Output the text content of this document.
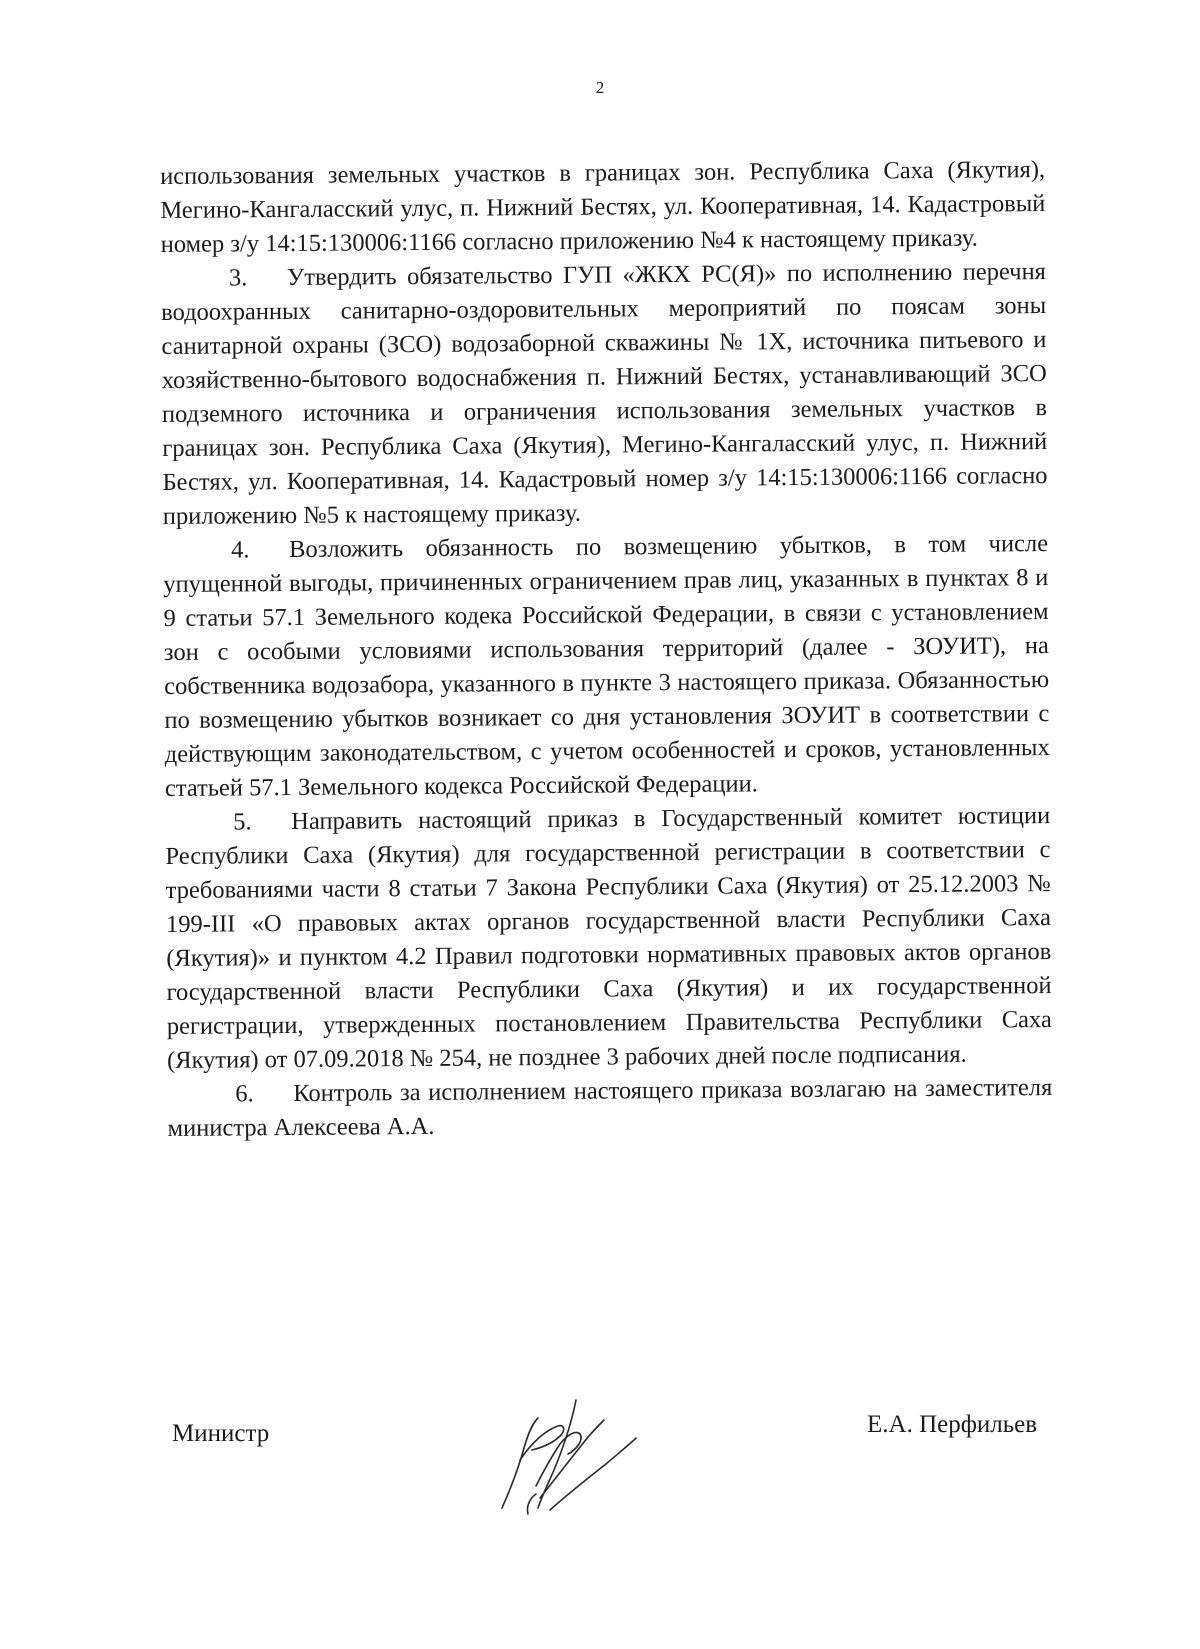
2

использования земельных участков в границах зон. Республика Саха (Якутия), Мегино-Кангаласский улус, п. Нижний Бестях, ул. Кооперативная, 14. Кадастровый номер з/у 14:15:130006:1166 согласно приложению №4 к настоящему приказу.

3. Утвердить обязательство ГУП «ЖКХ РС(Я)» по исполнению перечня водоохранных санитарно-оздоровительных мероприятий по поясам зоны санитарной охраны (ЗСО) водозаборной скважины № 1Х, источника питьевого и хозяйственно-бытового водоснабжения п. Нижний Бестях, устанавливающий ЗСО подземного источника и ограничения использования земельных участков в границах зон. Республика Саха (Якутия), Мегино-Кангаласский улус, п. Нижний Бестях, ул. Кооперативная, 14. Кадастровый номер з/у 14:15:130006:1166 согласно приложению №5 к настоящему приказу.

4. Возложить обязанность по возмещению убытков, в том числе упущенной выгоды, причиненных ограничением прав лиц, указанных в пунктах 8 и 9 статьи 57.1 Земельного кодека Российской Федерации, в связи с установлением зон с особыми условиями использования территорий (далее - ЗОУИТ), на собственника водозабора, указанного в пункте 3 настоящего приказа. Обязанностью по возмещению убытков возникает со дня установления ЗОУИТ в соответствии с действующим законодательством, с учетом особенностей и сроков, установленных статьей 57.1 Земельного кодекса Российской Федерации.

5. Направить настоящий приказ в Государственный комитет юстиции Республики Саха (Якутия) для государственной регистрации в соответствии с требованиями части 8 статьи 7 Закона Республики Саха (Якутия) от 25.12.2003 № 199-III «О правовых актах органов государственной власти Республики Саха (Якутия)» и пунктом 4.2 Правил подготовки нормативных правовых актов органов государственной власти Республики Саха (Якутия) и их государственной регистрации, утвержденных постановлением Правительства Республики Саха (Якутия) от 07.09.2018 № 254, не позднее 3 рабочих дней после подписания.

6. Контроль за исполнением настоящего приказа возлагаю на заместителя министра Алексеева А.А.

Министр	Е.А. Перфильев
